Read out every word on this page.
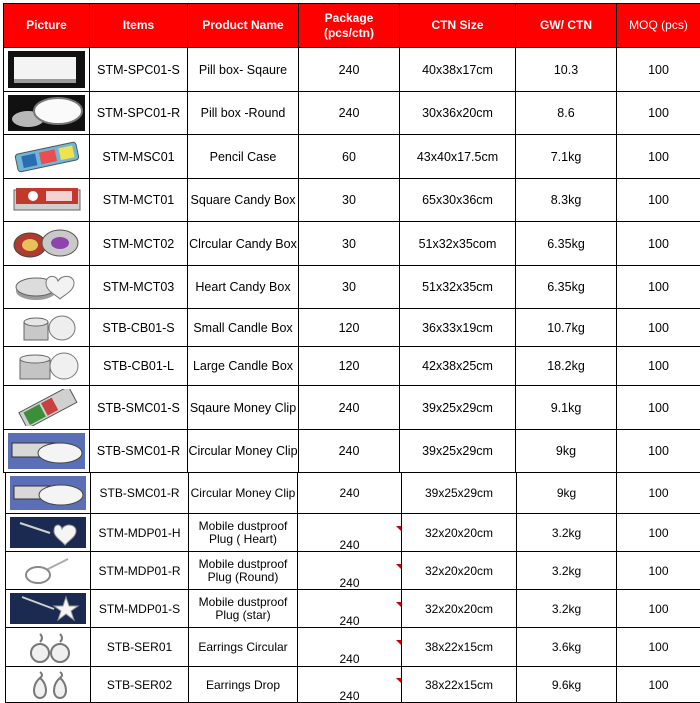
Picture	Items	Product Name	Package (pcs/ctn)	CTN Size	GW/ CTN	MOQ (pcs)

	STM-SPC01-S	Pill box- Sqaure	240	40x38x17cm	10.3	100

	STM-SPC01-R	Pill box -Round	240	30x36x20cm	8.6	100

	STM-MSC01	Pencil Case	60	43x40x17.5cm	7.1kg	100

	STM-MCT01	Square Candy Box	30	65x30x36cm	8.3kg	100

	STM-MCT02	Clrcular Candy Box	30	51x32x35com	6.35kg	100

	STM-MCT03	Heart Candy Box	30	51x32x35cm	6.35kg	100

	STB-CB01-S	Small Candle Box	120	36x33x19cm	10.7kg	100

	STB-CB01-L	Large Candle Box	120	42x38x25cm	18.2kg	100

	STB-SMC01-S	Sqaure Money Clip	240	39x25x29cm	9.1kg	100

	STB-SMC01-R	Circular Money Clip	240	39x25x29cm	9kg	100
	STB-SMC01-R	Circular Money Clip	240	39x25x29cm	9kg	100

	STM-MDP01-H	Mobile dustproof Plug ( Heart)	240	32x20x20cm	3.2kg	100

	STM-MDP01-R	Mobile dustproof Plug (Round)	240	32x20x20cm	3.2kg	100

	STM-MDP01-S	Mobile dustproof Plug (star)	240	32x20x20cm	3.2kg	100

	STB-SER01	Earrings Circular	240	38x22x15cm	3.6kg	100

	STB-SER02	Earrings Drop	240	38x22x15cm	9.6kg	100
